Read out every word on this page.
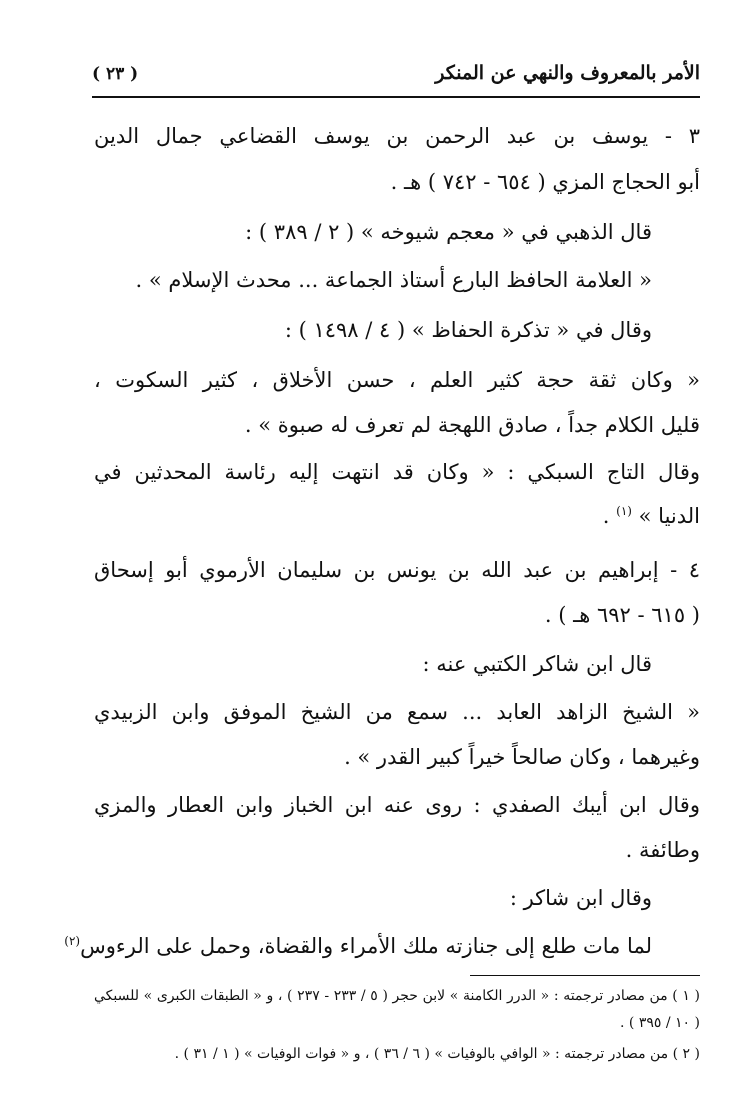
الأمر بالمعروف والنهي عن المنكر
( ٢٣ )
٣ - يوسف بن عبد الرحمن بن يوسف القضاعي جمال الدين
أبو الحجاج المزي ( ٦٥٤ - ٧٤٢ ) هـ .
قال الذهبي في « معجم شيوخه » ( ٢ / ٣٨٩ ) :
« العلامة الحافظ البارع أستاذ الجماعة ... محدث الإسلام » .
وقال في « تذكرة الحفاظ » ( ٤ / ١٤٩٨ ) :
« وكان ثقة حجة كثير العلم ، حسن الأخلاق ، كثير السكوت ،
قليل الكلام جداً ، صادق اللهجة لم تعرف له صبوة » .
وقال التاج السبكي : « وكان قد انتهت إليه رئاسة المحدثين في
الدنيا » $^{(١)}$ .
٤ - إبراهيم بن عبد الله بن يونس بن سليمان الأرموي أبو إسحاق
( ٦١٥ - ٦٩٢ هـ ) .
قال ابن شاكر الكتبي عنه :
« الشيخ الزاهد العابد ... سمع من الشيخ الموفق وابن الزبيدي
وغيرهما ، وكان صالحاً خيراً كبير القدر » .
وقال ابن أيبك الصفدي : روى عنه ابن الخباز وابن العطار والمزي
وطائفة .
وقال ابن شاكر :
لما مات طلع إلى جنازته ملك الأمراء والقضاة، وحمل على الرءوس$^{(٢)}$
( ١ ) من مصادر ترجمته : « الدرر الكامنة » لابن حجر ( ٥ / ٢٣٣ - ٢٣٧ ) ، و « الطبقات الكبرى » للسبكي
( ١٠ / ٣٩٥ ) .
( ٢ ) من مصادر ترجمته : « الوافي بالوفيات » ( ٦ / ٣٦ ) ، و « فوات الوفيات » ( ١ / ٣١ ) .
